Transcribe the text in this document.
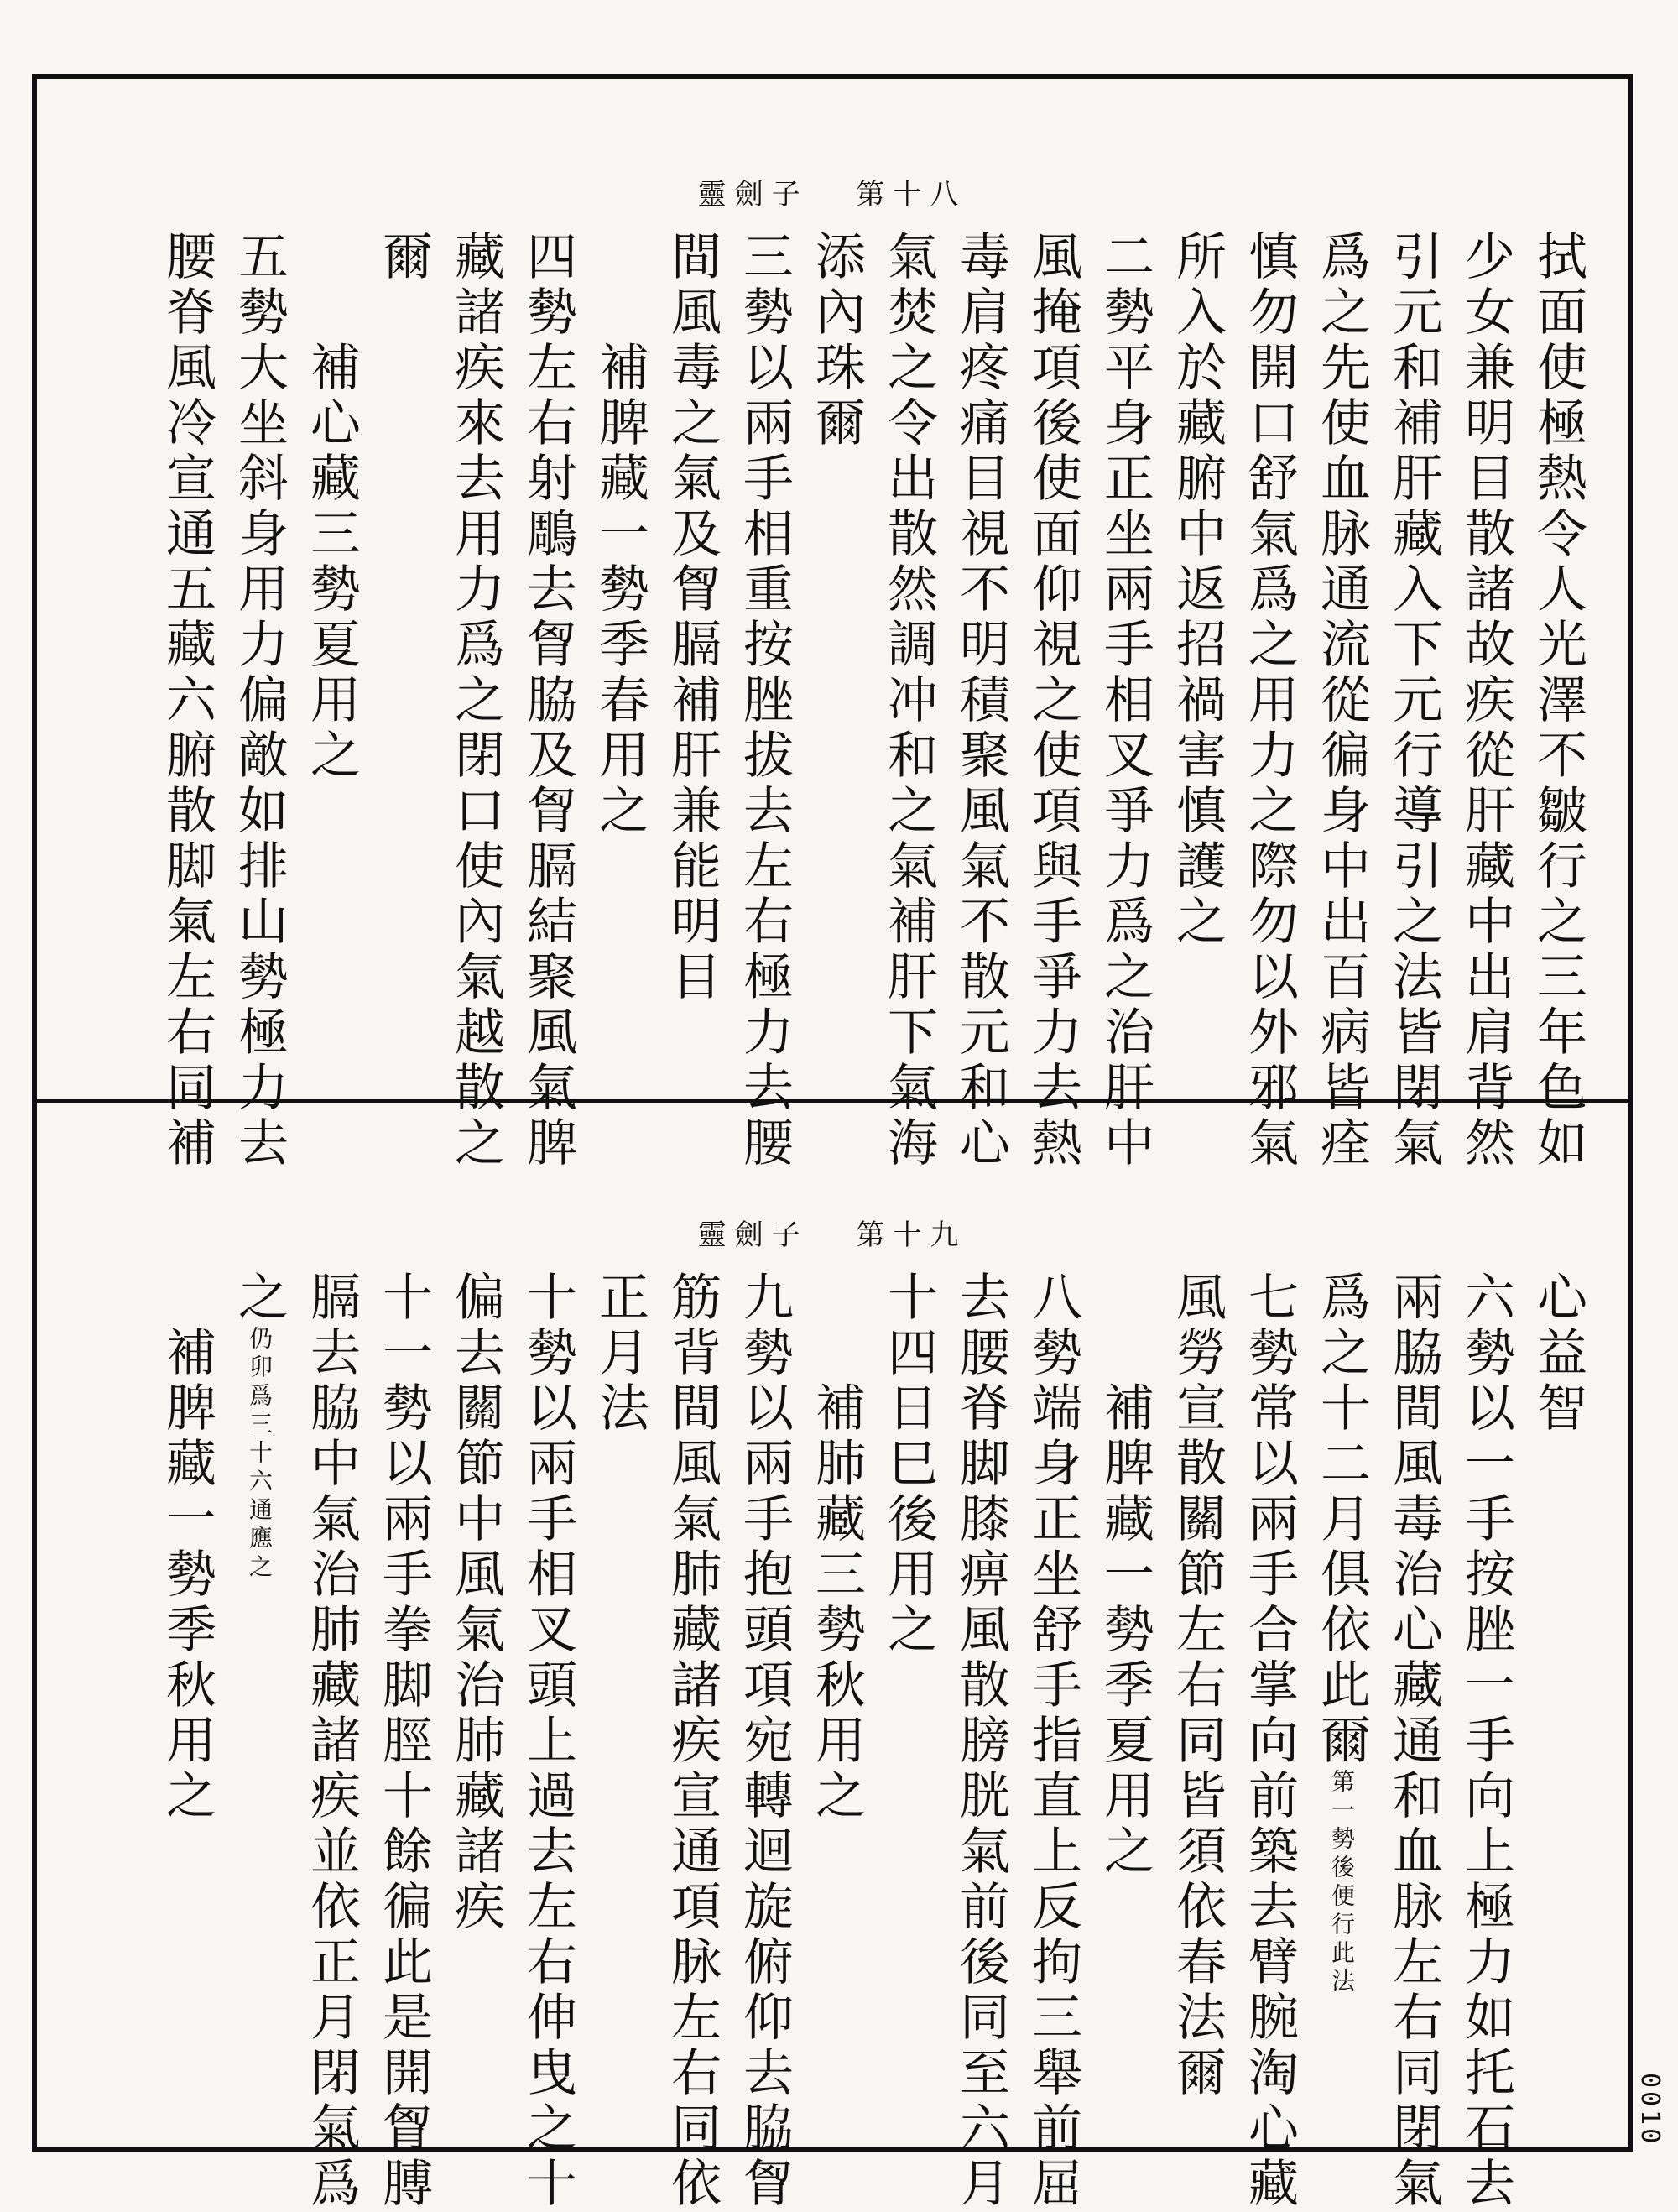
靈劍子 第十八
拭面使極熱令人光澤不皺行之三年色如
少女兼明目散諸故疾從肝藏中出肩背然
引元和補肝藏入下元行導引之法皆閉氣
爲之先使血脉通流從徧身中出百病皆痊
慎勿開口舒氣爲之用力之際勿以外邪氣
所入於藏腑中返招禍害慎護之
二勢平身正坐兩手相叉爭力爲之治肝中
風掩項後使面仰視之使項與手爭力去熱
毒肩疼痛目視不明積聚風氣不散元和心
氣焚之令出散然調冲和之氣補肝下氣海
添內珠爾
三勢以兩手相重按脞拔去左右極力去腰
間風毒之氣及胷膈補肝兼能明目
補脾藏一勢季春用之
四勢左右射鵰去胷脇及胷膈結聚風氣脾
藏諸疾來去用力爲之閉口使內氣越散之
爾
補心藏三勢夏用之
五勢大坐斜身用力偏敵如排山勢極力去
腰脊風冷宣通五藏六腑散脚氣左右同補
靈劍子 第十九
心益智
六勢以一手按脞一手向上極力如托石去
兩脇間風毒治心藏通和血脉左右同閉氣
爲之十二月俱依此爾第一勢後便行此法
七勢常以兩手合掌向前築去臂腕淘心藏
風勞宣散關節左右同皆須依春法爾
補脾藏一勢季夏用之
八勢端身正坐舒手指直上反拘三舉前屈
去腰脊脚膝痹風散膀胱氣前後同至六月
十四日巳後用之
補肺藏三勢秋用之
九勢以兩手抱頭項宛轉迴旋俯仰去脇胷
筋背間風氣肺藏諸疾宣通項脉左右同依
正月法
十勢以兩手相叉頭上過去左右伸曳之十
偏去關節中風氣治肺藏諸疾
十一勢以兩手拳脚脛十餘徧此是開胷膊
膈去脇中氣治肺藏諸疾並依正月閉氣爲
之仍卯爲三十六通應之
補脾藏一勢季秋用之
0010
